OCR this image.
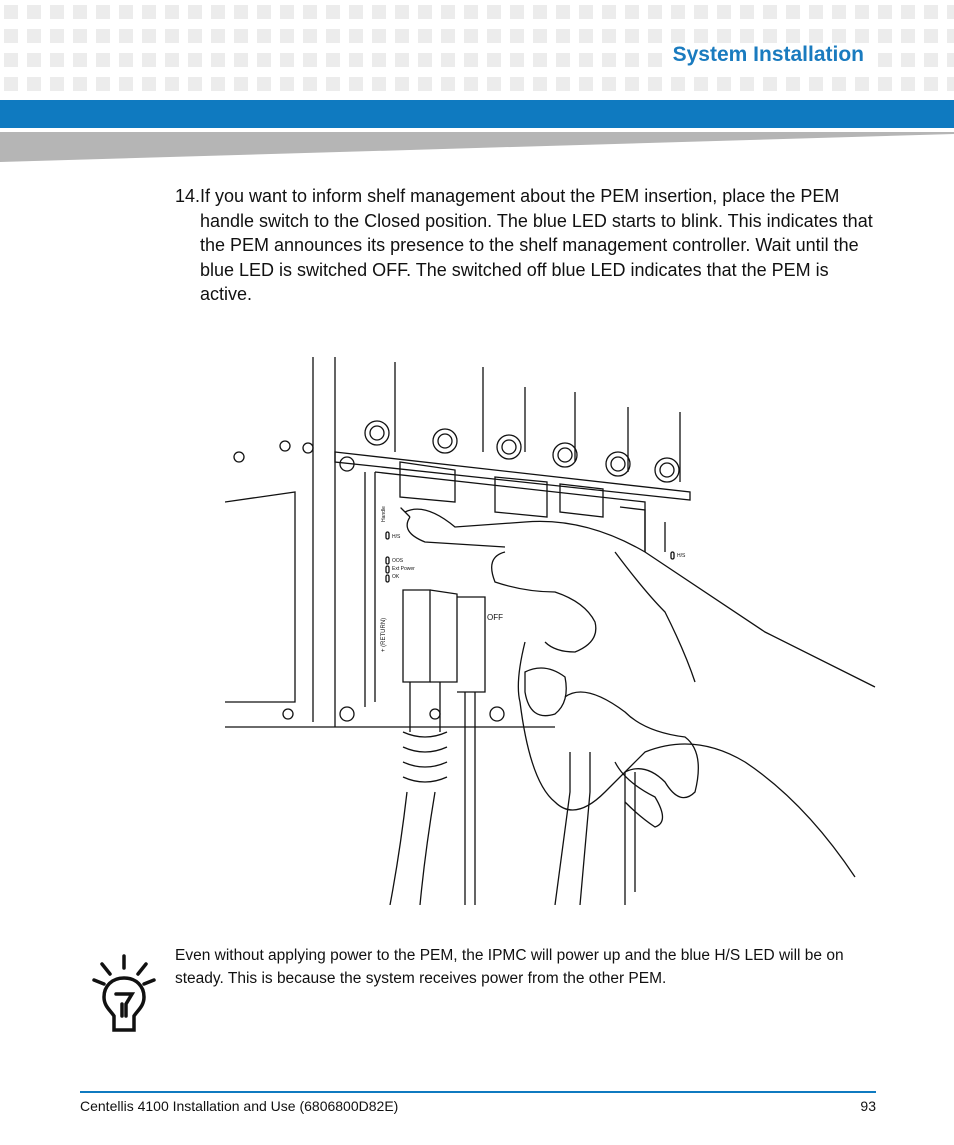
System Installation
14. If you want to inform shelf management about the PEM insertion, place the PEM handle switch to the Closed position. The blue LED starts to blink. This indicates that the PEM announces its presence to the shelf management controller. Wait until the blue LED is switched OFF. The switched off blue LED indicates that the PEM is active.
Handle
H/S
OOS
Ext Power
OK
+ (RETURN)
OFF
H/S
Even without applying power to the PEM, the IPMC will power up and the blue H/S LED will be on steady. This is because the system receives power from the other PEM.
Centellis 4100 Installation and Use (6806800D82E)	93
